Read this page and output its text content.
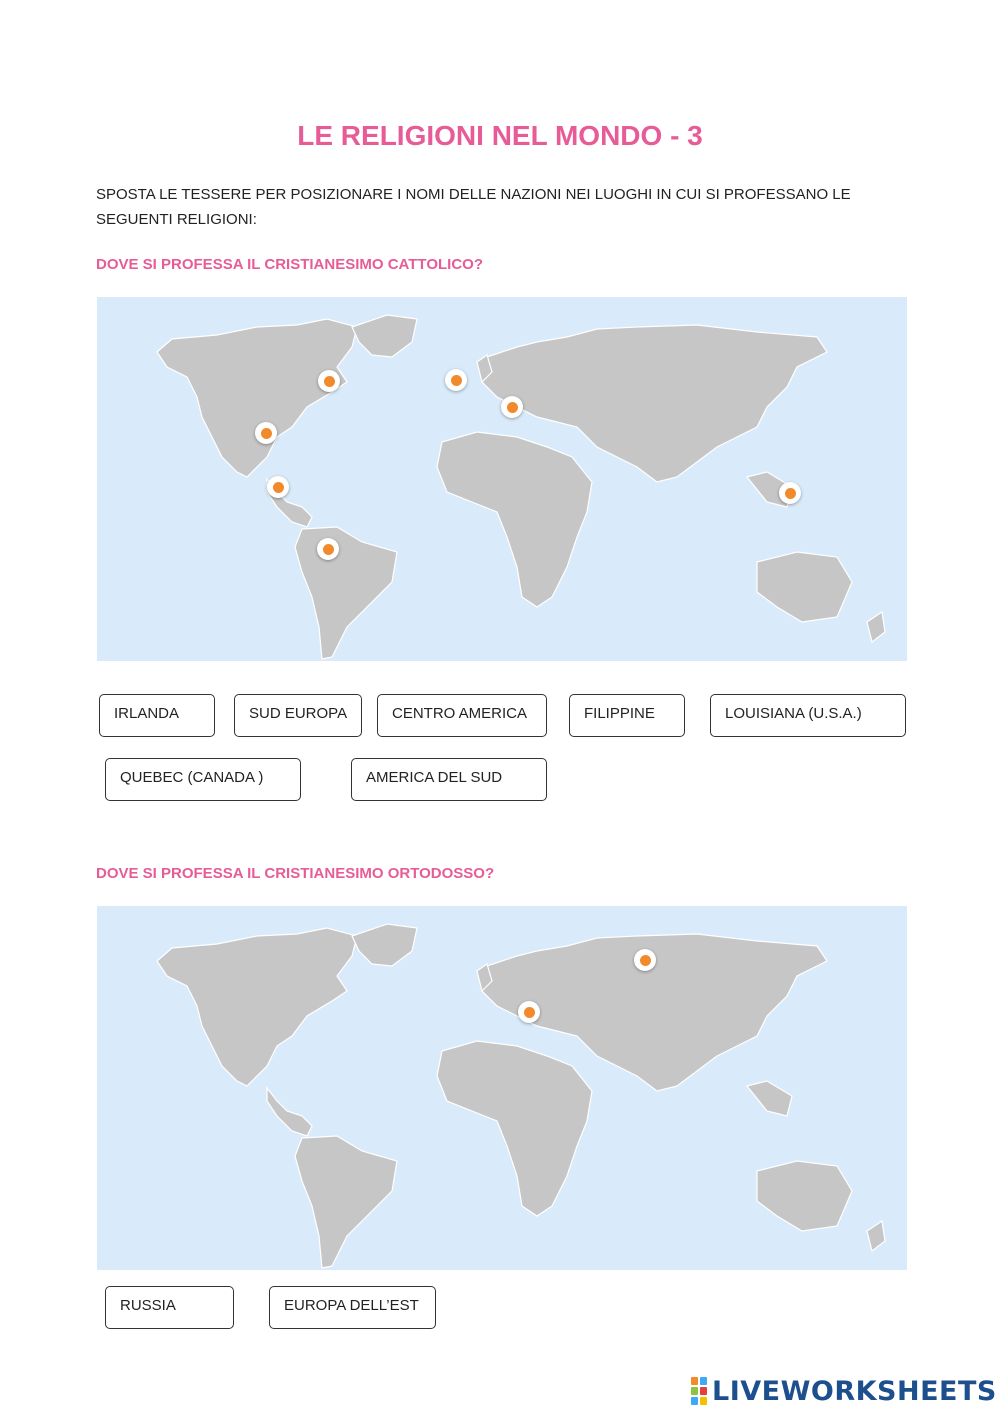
LE RELIGIONI NEL MONDO - 3

SPOSTA LE TESSERE PER POSIZIONARE I NOMI DELLE NAZIONI NEI LUOGHI IN CUI SI PROFESSANO LE SEGUENTI RELIGIONI:

DOVE SI PROFESSA IL CRISTIANESIMO CATTOLICO?

IRLANDA	SUD EUROPA	CENTRO AMERICA	FILIPPINE	LOUISIANA (U.S.A.)
QUEBEC (CANADA )	AMERICA DEL SUD

DOVE SI PROFESSA IL CRISTIANESIMO ORTODOSSO?

RUSSIA	EUROPA DELL’EST
LIVEWORKSHEETS
